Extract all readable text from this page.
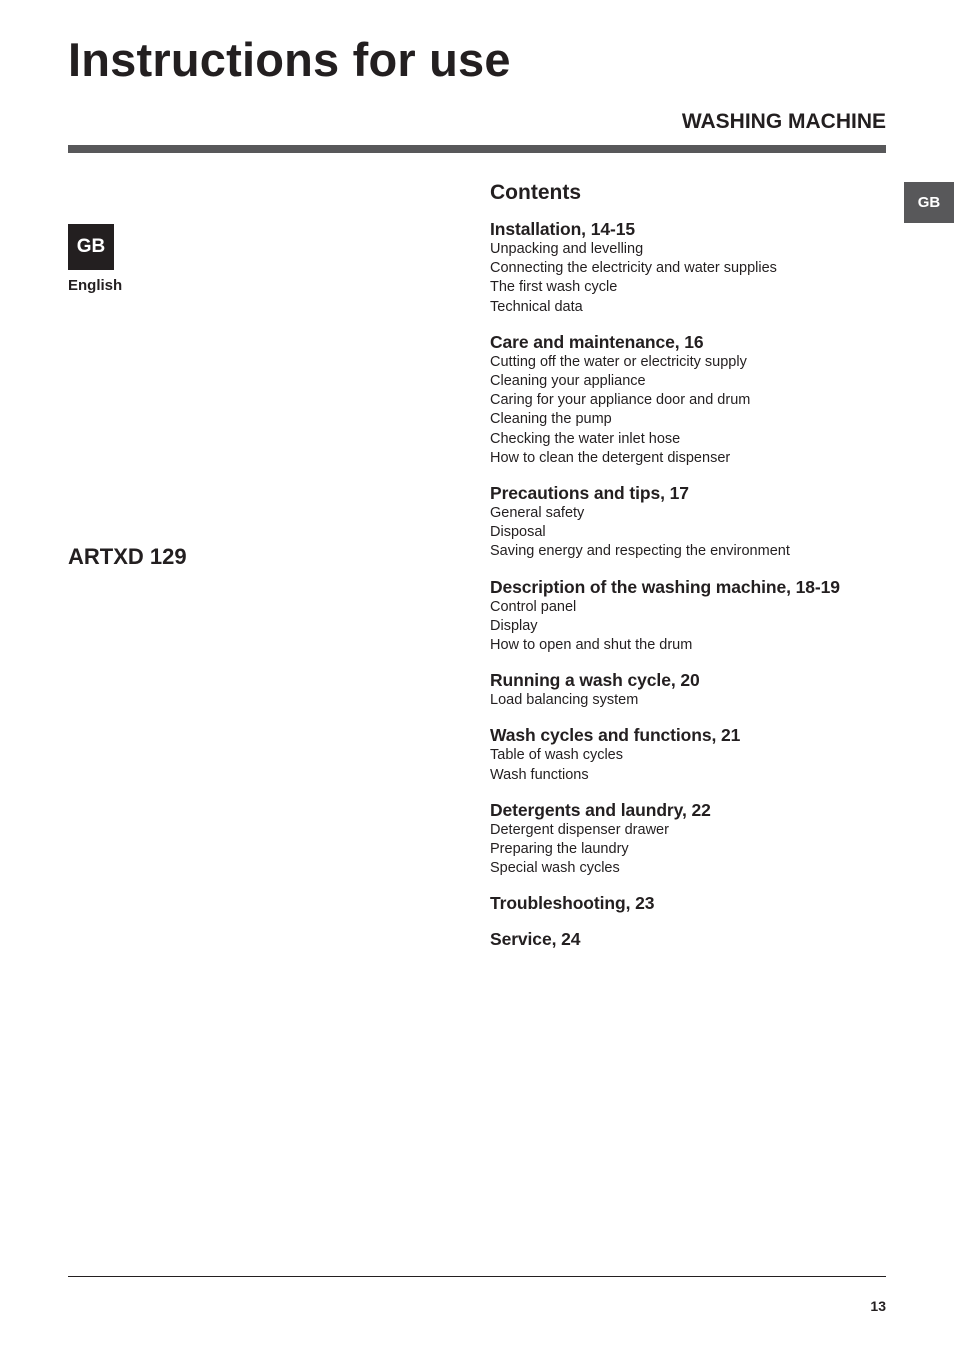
Instructions for use
WASHING MACHINE
GB
GB
English
ARTXD 129
Contents
Installation, 14-15
Unpacking and levelling
Connecting the electricity and water supplies
The first wash cycle
Technical data
Care and maintenance, 16
Cutting off the water or electricity supply
Cleaning your appliance
Caring for your appliance door and drum
Cleaning the pump
Checking the water inlet hose
How to clean the detergent dispenser
Precautions and tips, 17
General safety
Disposal
Saving energy and respecting the environment
Description of the washing machine, 18-19
Control panel
Display
How to open and shut the drum
Running a wash cycle, 20
Load balancing system
Wash cycles and functions, 21
Table of wash cycles
Wash functions
Detergents and laundry, 22
Detergent dispenser drawer
Preparing the laundry
Special wash cycles
Troubleshooting, 23
Service, 24
13
